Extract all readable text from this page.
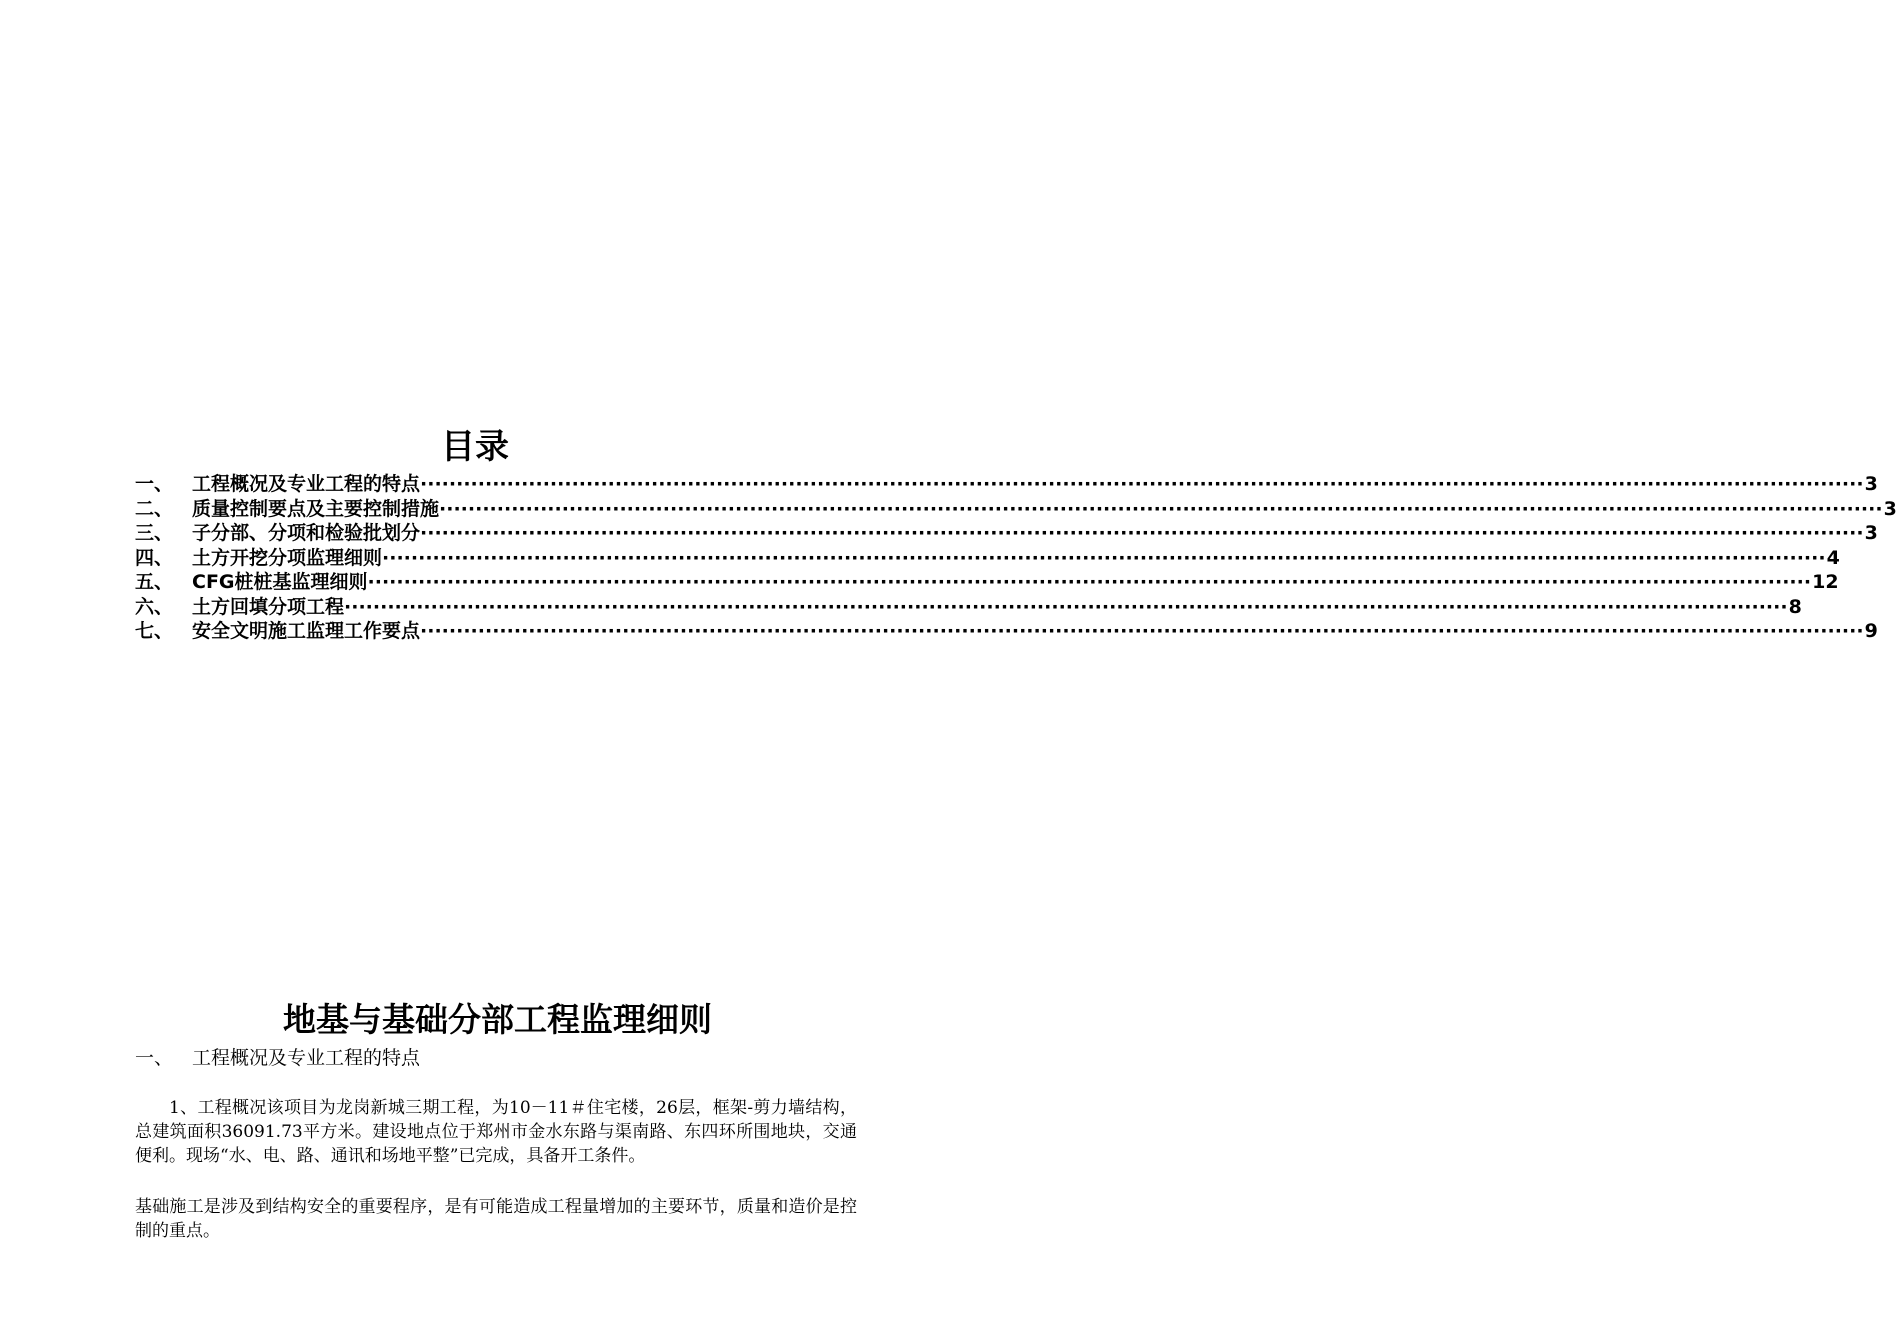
目录
一、 工程概况及专业工程的特点 ········································································································································································································ 3
二、 质量控制要点及主要控制措施 ········································································································································································································ 3
三、 子分部、分项和检验批划分 ········································································································································································································ 3
四、 土方开挖分项监理细则 ········································································································································································································ 4
五、 CFG桩桩基监理细则 ········································································································································································································ 12
六、 土方回填分项工程 ········································································································································································································ 8
七、 安全文明施工监理工作要点 ········································································································································································································ 9
地基与基础分部工程监理细则
一、 工程概况及专业工程的特点

1、工程概况该项目为龙岗新城三期工程，为10－11＃住宅楼，26层，框架-剪力墙结构，总建筑面积36091.73平方米。建设地点位于郑州市金水东路与渠南路、东四环所围地块，交通便利。现场“水、电、路、通讯和场地平整”已完成，具备开工条件。

基础施工是涉及到结构安全的重要程序，是有可能造成工程量增加的主要环节，质量和造价是控制的重点。
